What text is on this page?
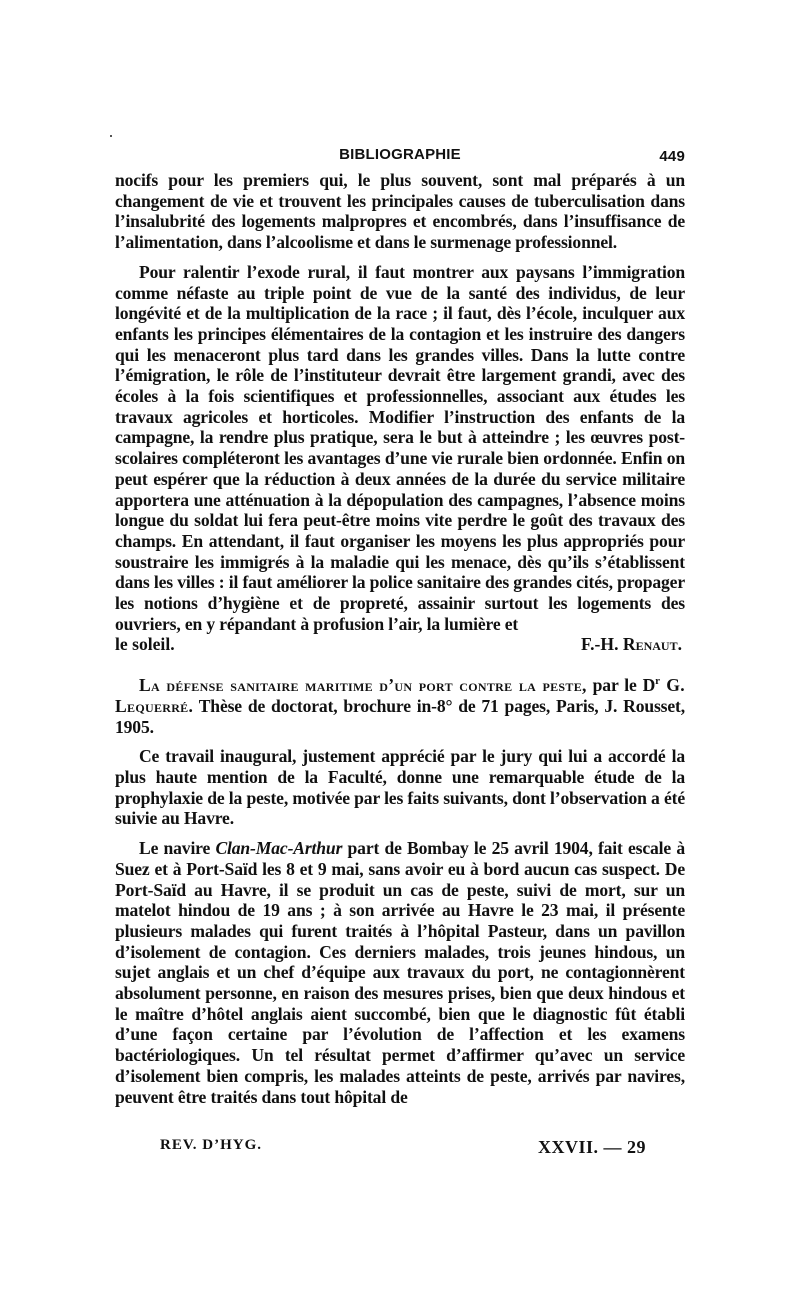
BIBLIOGRAPHIE	449

nocifs pour les premiers qui, le plus souvent, sont mal préparés à un changement de vie et trouvent les principales causes de tuberculisation dans l’insalubrité des logements malpropres et encombrés, dans l’insuffisance de l’alimentation, dans l’alcoolisme et dans le surmenage professionnel.

Pour ralentir l’exode rural, il faut montrer aux paysans l’immigration comme néfaste au triple point de vue de la santé des individus, de leur longévité et de la multiplication de la race ; il faut, dès l’école, inculquer aux enfants les principes élémentaires de la contagion et les instruire des dangers qui les menaceront plus tard dans les grandes villes. Dans la lutte contre l’émigration, le rôle de l’instituteur devrait être largement grandi, avec des écoles à la fois scientifiques et professionnelles, associant aux études les travaux agricoles et horticoles. Modifier l’instruction des enfants de la campagne, la rendre plus pratique, sera le but à atteindre ; les œuvres post-scolaires compléteront les avantages d’une vie rurale bien ordonnée. Enfin on peut espérer que la réduction à deux années de la durée du service militaire apportera une atténuation à la dépopulation des campagnes, l’absence moins longue du soldat lui fera peut-être moins vite perdre le goût des travaux des champs. En attendant, il faut organiser les moyens les plus appropriés pour soustraire les immigrés à la maladie qui les menace, dès qu’ils s’établissent dans les villes : il faut améliorer la police sanitaire des grandes cités, propager les notions d’hygiène et de propreté, assainir surtout les logements des ouvriers, en y répandant à profusion l’air, la lumière et

le soleil.	F.-H. Renaut.

La défense sanitaire maritime d’un port contre la peste, par le $D^r$ G. Lequerré. Thèse de doctorat, brochure in-8° de 71 pages, Paris, J. Rousset, 1905.

Ce travail inaugural, justement apprécié par le jury qui lui a accordé la plus haute mention de la Faculté, donne une remarquable étude de la prophylaxie de la peste, motivée par les faits suivants, dont l’observation a été suivie au Havre.

Le navire Clan-Mac-Arthur part de Bombay le 25 avril 1904, fait escale à Suez et à Port-Saïd les 8 et 9 mai, sans avoir eu à bord aucun cas suspect. De Port-Saïd au Havre, il se produit un cas de peste, suivi de mort, sur un matelot hindou de 19 ans ; à son arrivée au Havre le 23 mai, il présente plusieurs malades qui furent traités à l’hôpital Pasteur, dans un pavillon d’isolement de contagion. Ces derniers malades, trois jeunes hindous, un sujet anglais et un chef d’équipe aux travaux du port, ne contagionnèrent absolument personne, en raison des mesures prises, bien que deux hindous et le maître d’hôtel anglais aient succombé, bien que le diagnostic fût établi d’une façon certaine par l’évolution de l’affection et les examens bactériologiques. Un tel résultat permet d’affirmer qu’avec un service d’isolement bien compris, les malades atteints de peste, arrivés par navires, peuvent être traités dans tout hôpital de

REV. D’HYG.	XXVII. — 29
